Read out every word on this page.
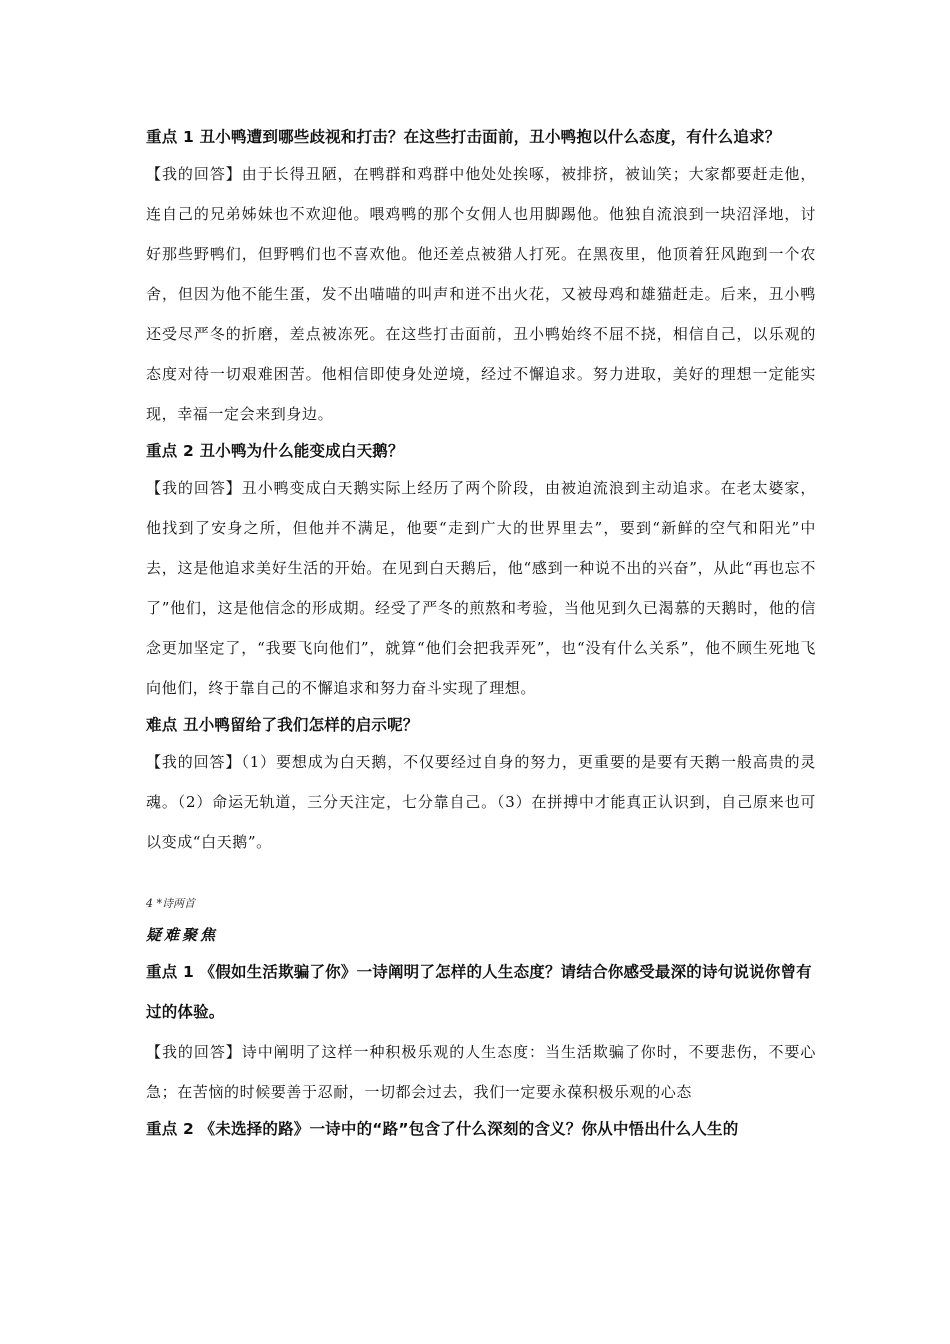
重点 1 丑小鸭遭到哪些歧视和打击？在这些打击面前，丑小鸭抱以什么态度，有什么追求？

【我的回答】由于长得丑陋，在鸭群和鸡群中他处处挨啄，被排挤，被讪笑；大家都要赶走他，连自己的兄弟姊妹也不欢迎他。喂鸡鸭的那个女佣人也用脚踢他。他独自流浪到一块沼泽地，讨好那些野鸭们，但野鸭们也不喜欢他。他还差点被猎人打死。在黑夜里，他顶着狂风跑到一个农舍，但因为他不能生蛋，发不出喵喵的叫声和迸不出火花，又被母鸡和雄猫赶走。后来，丑小鸭还受尽严冬的折磨，差点被冻死。在这些打击面前，丑小鸭始终不屈不挠，相信自己，以乐观的态度对待一切艰难困苦。他相信即使身处逆境，经过不懈追求。努力进取，美好的理想一定能实现，幸福一定会来到身边。

重点 2 丑小鸭为什么能变成白天鹅？

【我的回答】丑小鸭变成白天鹅实际上经历了两个阶段，由被迫流浪到主动追求。在老太婆家，他找到了安身之所，但他并不满足，他要“走到广大的世界里去”，要到“新鲜的空气和阳光”中去，这是他追求美好生活的开始。在见到白天鹅后，他“感到一种说不出的兴奋”，从此“再也忘不了”他们，这是他信念的形成期。经受了严冬的煎熬和考验，当他见到久已渴慕的天鹅时，他的信念更加坚定了，“我要飞向他们”，就算“他们会把我弄死”，也“没有什么关系”，他不顾生死地飞向他们，终于靠自己的不懈追求和努力奋斗实现了理想。

难点 丑小鸭留给了我们怎样的启示呢？

【我的回答】（1）要想成为白天鹅，不仅要经过自身的努力，更重要的是要有天鹅一般高贵的灵魂。（2）命运无轨道，三分天注定，七分靠自己。（3）在拼搏中才能真正认识到，自己原来也可以变成“白天鹅”。

4 *诗两首

疑难聚焦

重点 1 《假如生活欺骗了你》一诗阐明了怎样的人生态度？请结合你感受最深的诗句说说你曾有过的体验。

【我的回答】诗中阐明了这样一种积极乐观的人生态度：当生活欺骗了你时，不要悲伤，不要心急；在苦恼的时候要善于忍耐，一切都会过去，我们一定要永葆积极乐观的心态

重点 2 《未选择的路》一诗中的“路”包含了什么深刻的含义？你从中悟出什么人生的
